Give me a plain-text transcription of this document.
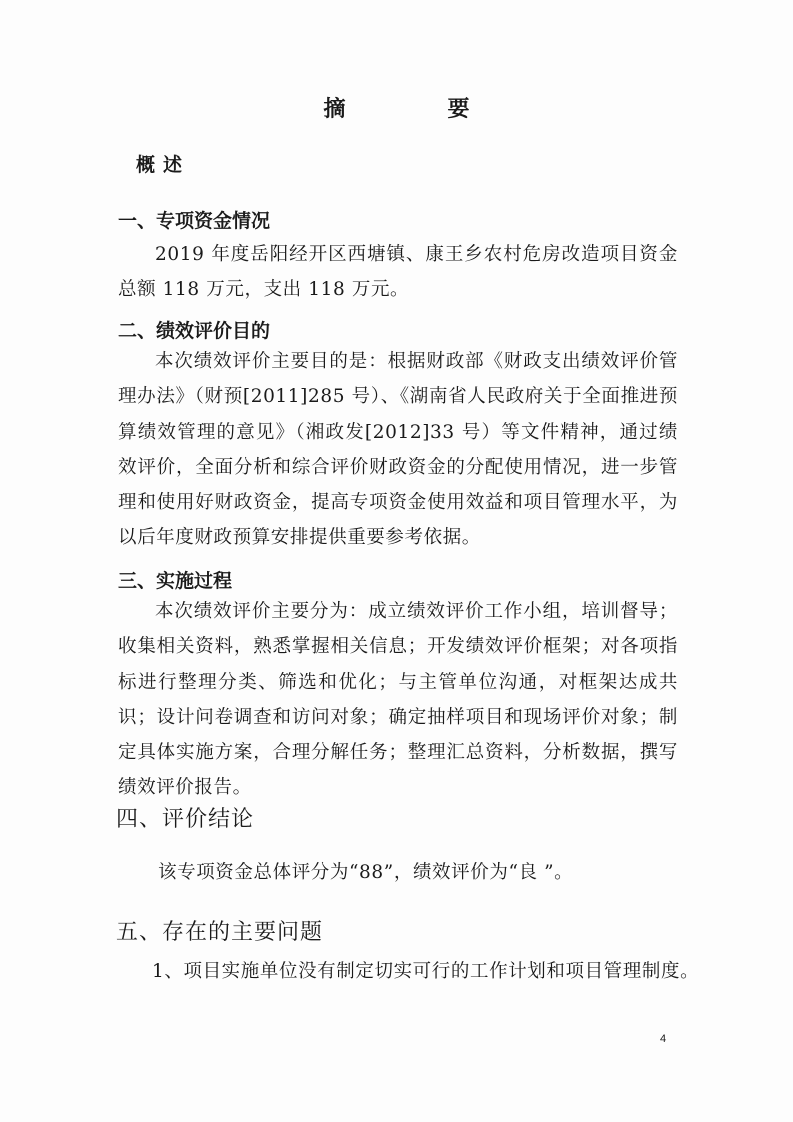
摘　要
概述
一、专项资金情况
2019 年度岳阳经开区西塘镇、康王乡农村危房改造项目资金总额 118 万元，支出 118 万元。
二、绩效评价目的
本次绩效评价主要目的是：根据财政部《财政支出绩效评价管理办法》（财预[2011]285 号）、《湖南省人民政府关于全面推进预算绩效管理的意见》（湘政发[2012]33 号）等文件精神，通过绩效评价，全面分析和综合评价财政资金的分配使用情况，进一步管理和使用好财政资金，提高专项资金使用效益和项目管理水平，为以后年度财政预算安排提供重要参考依据。
三、实施过程
本次绩效评价主要分为：成立绩效评价工作小组，培训督导；收集相关资料，熟悉掌握相关信息；开发绩效评价框架；对各项指标进行整理分类、筛选和优化；与主管单位沟通，对框架达成共识；设计问卷调查和访问对象；确定抽样项目和现场评价对象；制定具体实施方案，合理分解任务；整理汇总资料，分析数据，撰写绩效评价报告。
四、评价结论
该专项资金总体评分为“88”，绩效评价为“良 ”。
五、存在的主要问题
1、项目实施单位没有制定切实可行的工作计划和项目管理制度。
4
